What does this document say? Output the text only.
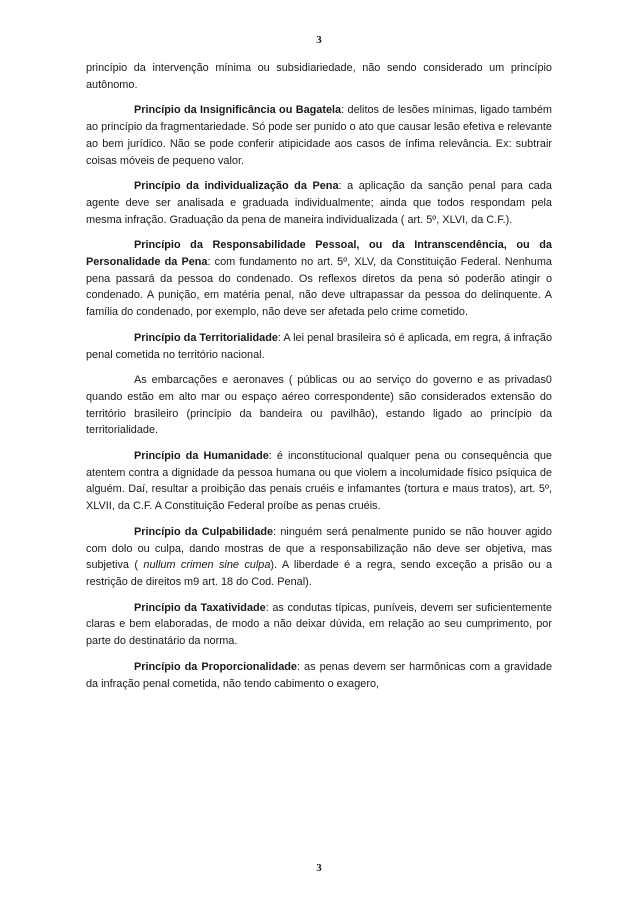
3

princípio da intervenção mínima ou subsidiariedade, não sendo considerado um princípio autônomo.

Princípio da Insignificância ou Bagatela: delitos de lesões mínimas, ligado também ao princípio da fragmentariedade. Só pode ser punido o ato que causar lesão efetiva e relevante ao bem jurídico. Não se pode conferir atipicidade aos casos de ínfima relevância. Ex: subtrair coisas móveis de pequeno valor.

Princípio da individualização da Pena: a aplicação da sanção penal para cada agente deve ser analisada e graduada individualmente; ainda que todos respondam pela mesma infração. Graduação da pena de maneira individualizada ( art. 5º, XLVI, da C.F.).

Princípio da Responsabilidade Pessoal, ou da Intranscendência, ou da Personalidade da Pena: com fundamento no art. 5º, XLV, da Constituição Federal. Nenhuma pena passará da pessoa do condenado. Os reflexos diretos da pena só poderão atingir o condenado. A punição, em matéria penal, não deve ultrapassar da pessoa do delinquente. A família do condenado, por exemplo, não deve ser afetada pelo crime cometido.

Princípio da Territorialidade: A lei penal brasileira só é aplicada, em regra, á infração penal cometida no território nacional.

As embarcações e aeronaves ( públicas ou ao serviço do governo e as privadas0 quando estão em alto mar ou espaço aéreo correspondente) são considerados extensão do território brasileiro (princípio da bandeira ou pavilhão), estando ligado ao princípio da territorialidade.

Princípio da Humanidade: é inconstitucional qualquer pena ou consequência que atentem contra a dignidade da pessoa humana ou que violem a incolumidade físico psíquica de alguém. Daí, resultar a proibição das penais cruéis e infamantes (tortura e maus tratos), art. 5º, XLVII, da C.F. A Constituição Federal proíbe as penas cruéis.

Princípio da Culpabilidade: ninguém será penalmente punido se não houver agido com dolo ou culpa, dando mostras de que a responsabilização não deve ser objetiva, mas subjetiva ( nullum crimen sine culpa). A liberdade é a regra, sendo exceção a prisão ou a restrição de direitos m9 art. 18 do Cod. Penal).

Princípio da Taxatividade: as condutas típicas, puníveis, devem ser suficientemente claras e bem elaboradas, de modo a não deixar dúvida, em relação ao seu cumprimento, por parte do destinatário da norma.

Princípio da Proporcionalidade: as penas devem ser harmônicas com a gravidade da infração penal cometida, não tendo cabimento o exagero,

3
